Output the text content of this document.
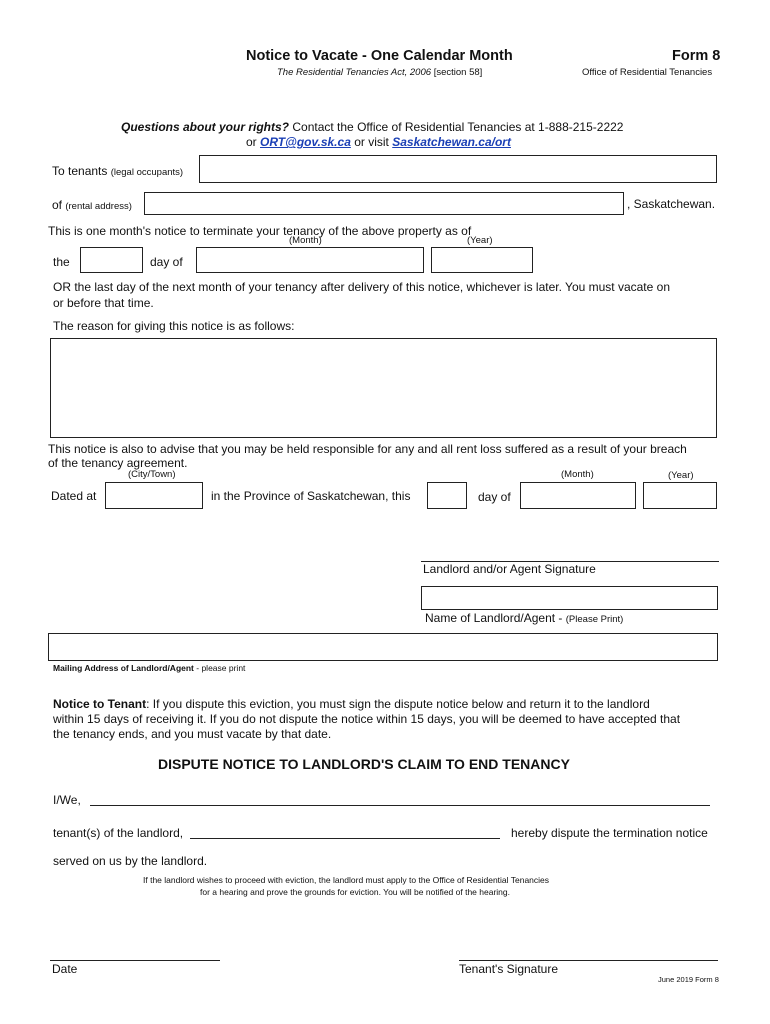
Notice to Vacate - One Calendar Month
The Residential Tenancies Act, 2006 [section 58]
Form 8
Office of Residential Tenancies
Questions about your rights? Contact the Office of Residential Tenancies at 1-888-215-2222
or ORT@gov.sk.ca or visit Saskatchewan.ca/ort
To tenants (legal occupants)
of (rental address)	, Saskatchewan.
This is one month's notice to terminate your tenancy of the above property as of
(Month)	(Year)
the	day of
OR the last day of the next month of your tenancy after delivery of this notice, whichever is later. You must vacate on
or before that time.
The reason for giving this notice is as follows:
This notice is also to advise that you may be held responsible for any and all rent loss suffered as a result of your breach
of the tenancy agreement.
(City/Town)	(Month)	(Year)
Dated at	in the Province of Saskatchewan, this	day of
Landlord and/or Agent Signature
Name of Landlord/Agent - (Please Print)
Mailing Address of Landlord/Agent - please print
Notice to Tenant: If you dispute this eviction, you must sign the dispute notice below and return it to the landlord
within 15 days of receiving it. If you do not dispute the notice within 15 days, you will be deemed to have accepted that
the tenancy ends, and you must vacate by that date.
DISPUTE NOTICE TO LANDLORD'S CLAIM TO END TENANCY
I/We,
tenant(s) of the landlord,	hereby dispute the termination notice
served on us by the landlord.
If the landlord wishes to proceed with eviction, the landlord must apply to the Office of Residential Tenancies
for a hearing and prove the grounds for eviction. You will be notified of the hearing.
Date	Tenant's Signature
June 2019 Form 8
